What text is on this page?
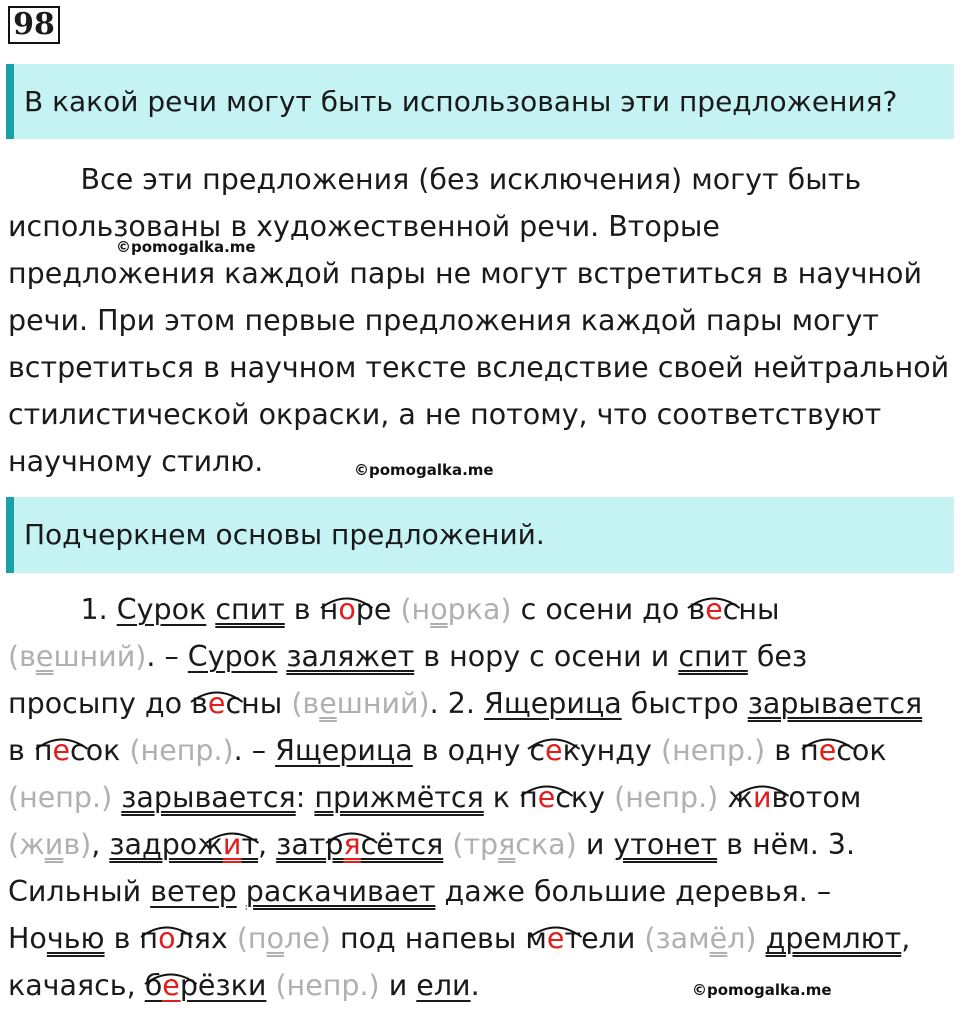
98
В какой речи могут быть использованы эти предложения?
Все эти предложения (без исключения) могут быть
использованы в художественной речи. Вторые
предложения каждой пары не могут встретиться в научной
речи. При этом первые предложения каждой пары могут
встретиться в научном тексте вследствие своей нейтральной
стилистической окраски, а не потому, что соответствуют
научному стилю.
Подчеркнем основы предложений.
1. Сурок спит в норе (норка) с осени до весны
(вешний). – Сурок заляжет в нору с осени и спит без
просыпу до весны (вешний). 2. Ящерица быстро зарывается
в песок (непр.). – Ящерица в одну секунду (непр.) в песок
(непр.) зарывается: прижмётся к песку (непр.) животом
(жив), задрожит, затрясётся (тряска) и утонет в нём. 3.
Сильный ветер раскачивает даже большие деревья. –
Ночью в полях (поле) под напевы метели (замёл) дремлют,
качаясь, берёзки (непр.) и ели.
©pomogalka.me
©pomogalka.me
©pomogalka.me
